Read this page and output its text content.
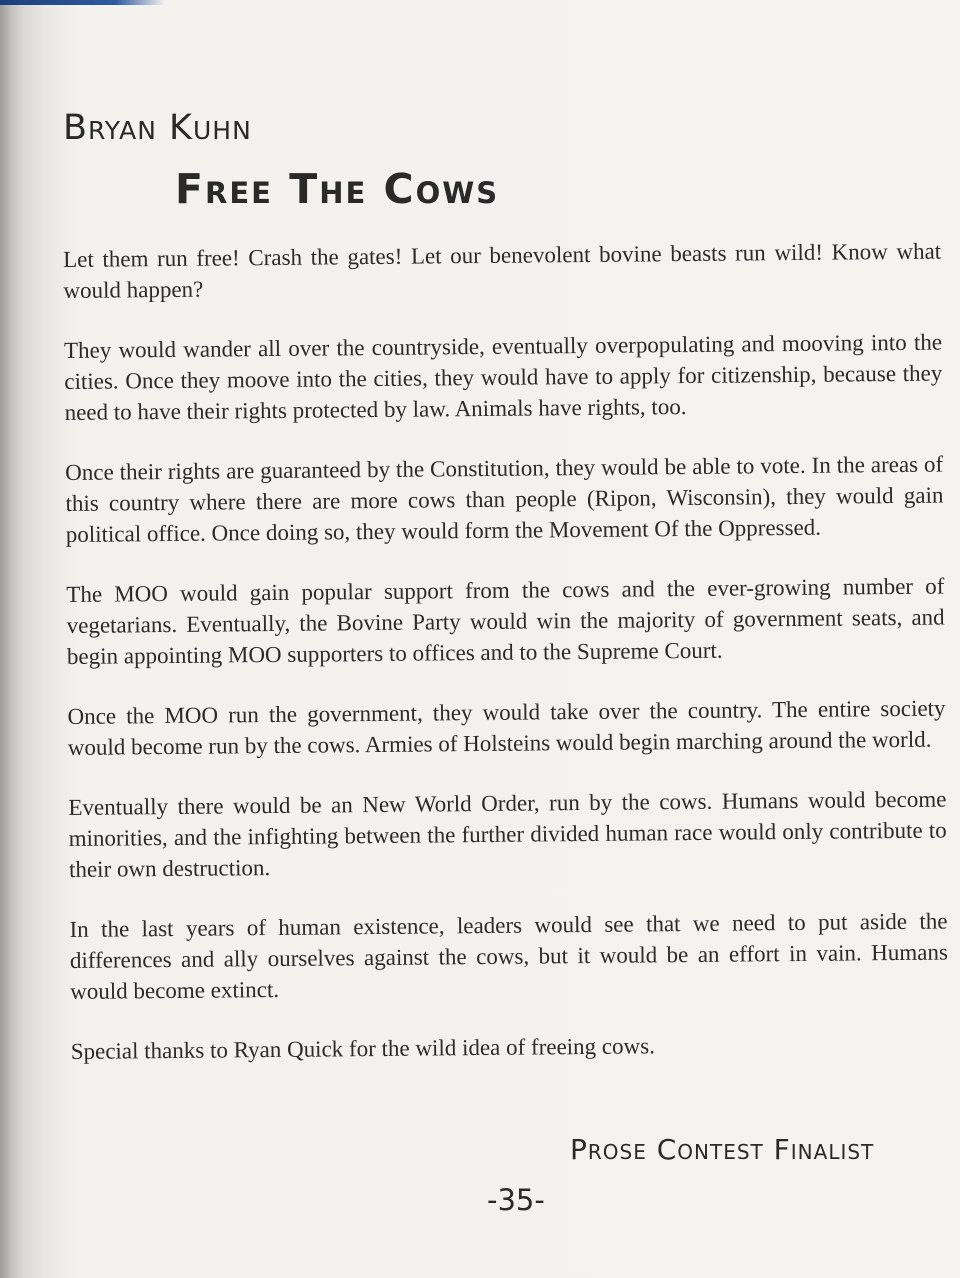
Bryan Kuhn
Free The Cows

Let them run free! Crash the gates! Let our benevolent bovine beasts run wild! Know what would happen?

They would wander all over the countryside, eventually overpopulating and mooving into the cities. Once they moove into the cities, they would have to apply for citizenship, because they need to have their rights protected by law. Animals have rights, too.

Once their rights are guaranteed by the Constitution, they would be able to vote. In the areas of this country where there are more cows than people (Ripon, Wisconsin), they would gain political office. Once doing so, they would form the Movement Of the Oppressed.

The MOO would gain popular support from the cows and the ever-growing number of vegetarians. Eventually, the Bovine Party would win the majority of government seats, and begin appointing MOO supporters to offices and to the Supreme Court.

Once the MOO run the government, they would take over the country. The entire society would become run by the cows. Armies of Holsteins would begin marching around the world.

Eventually there would be an New World Order, run by the cows. Humans would become minorities, and the infighting between the further divided human race would only contribute to their own destruction.

In the last years of human existence, leaders would see that we need to put aside the differences and ally ourselves against the cows, but it would be an effort in vain. Humans would become extinct.

Special thanks to Ryan Quick for the wild idea of freeing cows.

Prose Contest Finalist
-35-
